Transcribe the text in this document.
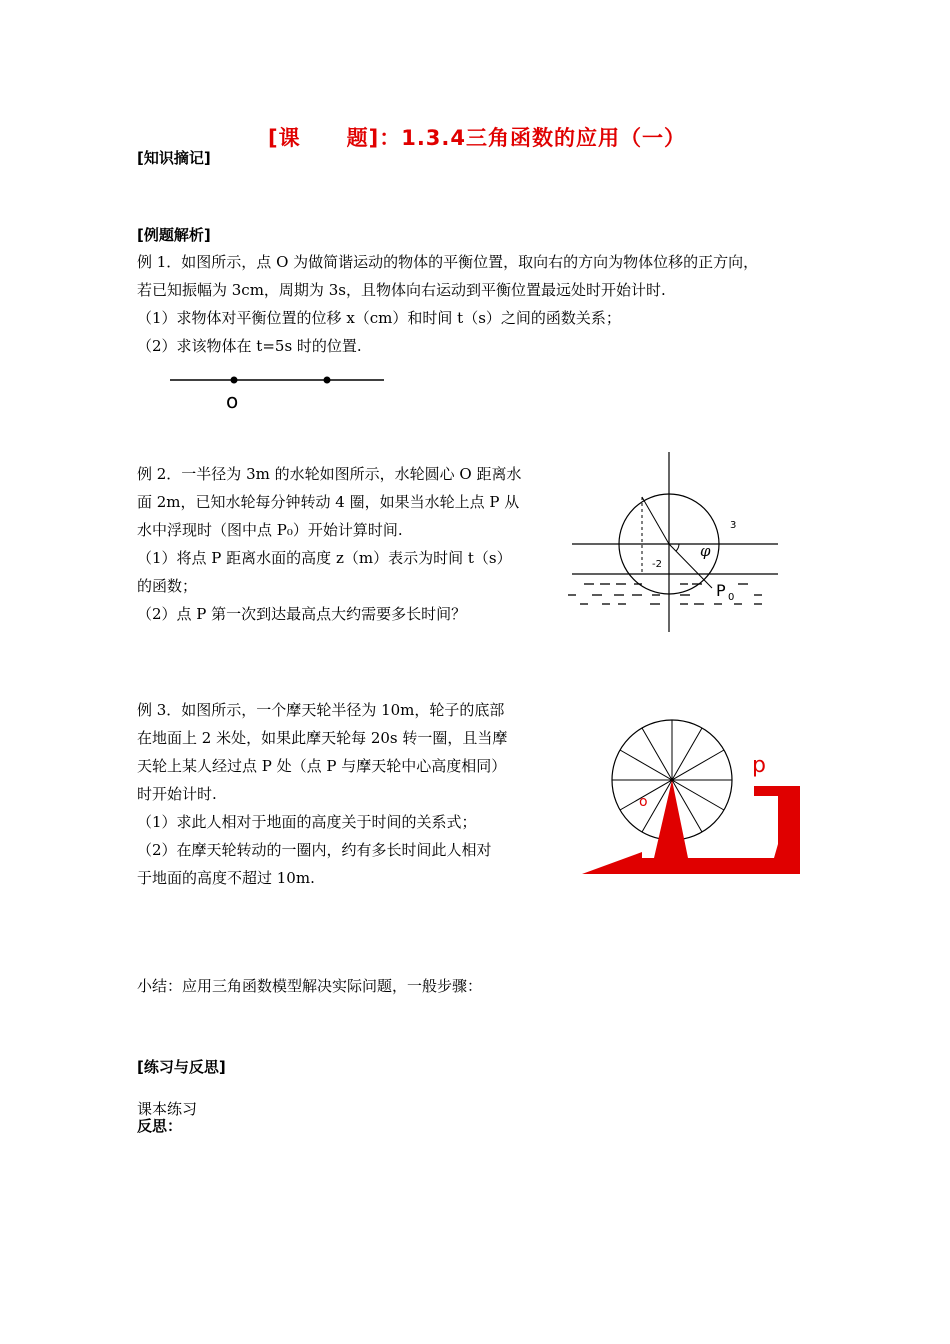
[课 题]：1.3.4三角函数的应用（一）
[知识摘记]
[例题解析]
例 1．如图所示，点 O 为做简谐运动的物体的平衡位置，取向右的方向为物体位移的正方向，
若已知振幅为 3cm，周期为 3s，且物体向右运动到平衡位置最远处时开始计时.
（1）求物体对平衡位置的位移 x（cm）和时间 t（s）之间的函数关系；
（2）求该物体在 t=5s 时的位置.
o
例 2．一半径为 3m 的水轮如图所示，水轮圆心 O 距离水
面 2m，已知水轮每分钟转动 4 圈，如果当水轮上点 P 从
水中浮现时（图中点 P₀）开始计算时间.
（1）将点 P 距离水面的高度 z（m）表示为时间 t（s）
的函数；
（2）点 P 第一次到达最高点大约需要多长时间？
3
-2
φ
P 0
例 3．如图所示，一个摩天轮半径为 10m，轮子的底部
在地面上 2 米处，如果此摩天轮每 20s 转一圈，且当摩
天轮上某人经过点 P 处（点 P 与摩天轮中心高度相同）
时开始计时.
（1）求此人相对于地面的高度关于时间的关系式；
（2）在摩天轮转动的一圈内，约有多长时间此人相对
于地面的高度不超过 10m.
p
o
小结：应用三角函数模型解决实际问题，一般步骤：
[练习与反思]
课本练习
反思：
